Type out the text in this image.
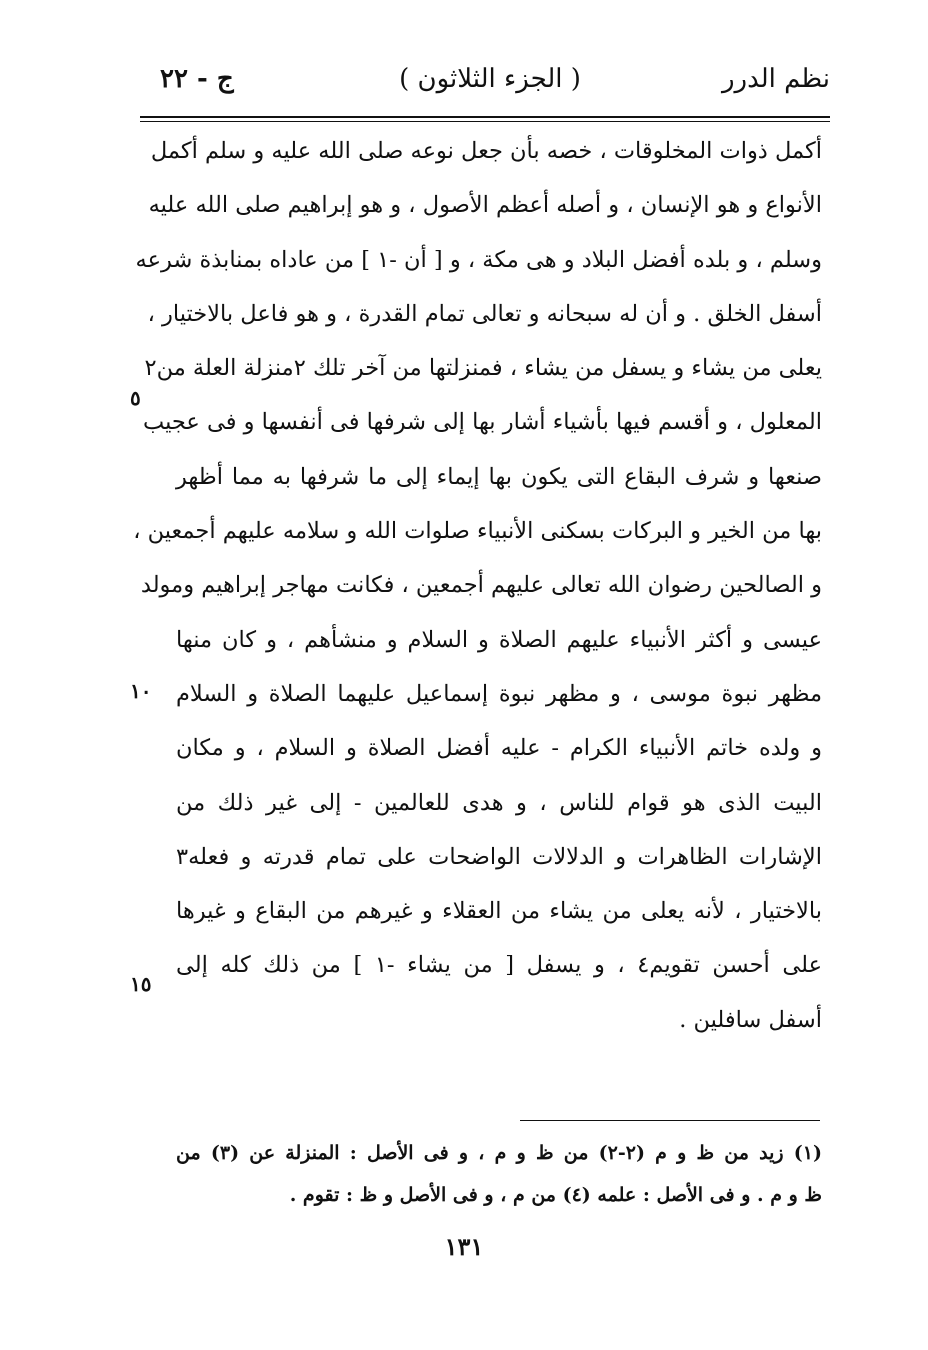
نظم الدرر
( الجزء الثلاثون )
ج - ٢٢
أكمل ذوات المخلوقات ، خصه بأن جعل نوعه صلى الله عليه و سلم أكمل
الأنواع و هو الإنسان ، و أصله أعظم الأصول ، و هو إبراهيم صلى الله عليه
وسلم ، و بلده أفضل البلاد و هى مكة ، و [ أن -١ ] من عاداه بمنابذة شرعه
أسفل الخلق . و أن له سبحانه و تعالى تمام القدرة ، و هو فاعل بالاختيار ،
يعلى من يشاء و يسفل من يشاء ، فمنزلتها من آخر تلك ٢منزلة العلة من٢
المعلول ، و أقسم فيها بأشياء أشار بها إلى شرفها فى أنفسها و فى عجيب
صنعها و شرف البقاع التى يكون بها إيماء إلى ما شرفها به مما أظهر
بها من الخير و البركات بسكنى الأنبياء صلوات الله و سلامه عليهم أجمعين ،
و الصالحين رضوان الله تعالى عليهم أجمعين ، فكانت مهاجر إبراهيم ومولد
عيسى و أكثر الأنبياء عليهم الصلاة و السلام و منشأهم ، و كان منها
مظهر نبوة موسى ، و مظهر نبوة إسماعيل عليهما الصلاة و السلام
و ولده خاتم الأنبياء الكرام - عليه أفضل الصلاة و السلام ، و مكان
البيت الذى هو قوام للناس ، و هدى للعالمين - إلى غير ذلك من
الإشارات الظاهرات و الدلالات الواضحات على تمام قدرته و فعله٣
بالاختيار ، لأنه يعلى من يشاء من العقلاء و غيرهم من البقاع و غيرها
على أحسن تقويم٤ ، و يسفل [ من يشاء -١ ] من ذلك كله إلى
أسفل سافلين .
٥
١٠
١٥
(١) زيد من ظ و م (٢-٢) من ظ و م ، و فى الأصل : المنزلة عن (٣) من
ظ و م . و فى الأصل : علمه (٤) من م ، و فى الأصل و ظ : تقوم .
١٣١
